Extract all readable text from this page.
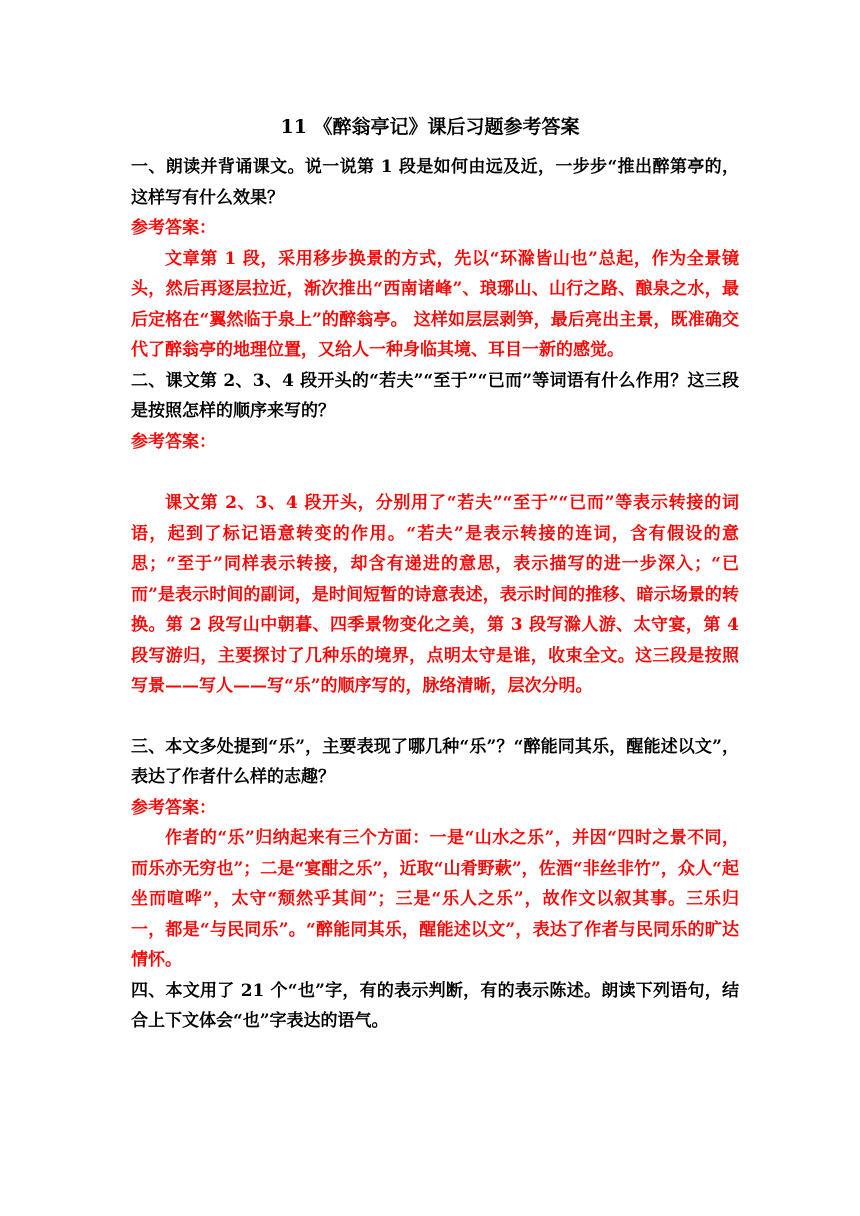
11 《醉翁亭记》课后习题参考答案

一、朗读并背诵课文。说一说第 1 段是如何由远及近，一步步“推出醉第亭的，这样写有什么效果？

参考答案：

文章第 1 段，采用移步换景的方式，先以“环滁皆山也”总起，作为全景镜头，然后再逐层拉近，渐次推出“西南诸峰”、琅琊山、山行之路、酿泉之水，最后定格在“翼然临于泉上”的醉翁亭。 这样如层层剥笋，最后亮出主景，既准确交代了醉翁亭的地理位置，又给人一种身临其境、耳目一新的感觉。

二、课文第 2、3、4 段开头的“若夫”“至于”“已而”等词语有什么作用？这三段是按照怎样的顺序来写的？

参考答案：

课文第 2、3、4 段开头，分别用了“若夫”“至于”“已而”等表示转接的词语，起到了标记语意转变的作用。“若夫”是表示转接的连词，含有假设的意思；“至于”同样表示转接，却含有递进的意思，表示描写的进一步深入；“已而”是表示时间的副词，是时间短暂的诗意表述，表示时间的推移、暗示场景的转换。第 2 段写山中朝暮、四季景物变化之美，第 3 段写滁人游、太守宴，第 4 段写游归，主要探讨了几种乐的境界，点明太守是谁，收束全文。这三段是按照写景——写人——写“乐”的顺序写的，脉络清晰，层次分明。

三、本文多处提到“乐”，主要表现了哪几种“乐”？“醉能同其乐，醒能述以文”，表达了作者什么样的志趣？

参考答案：

作者的“乐”归纳起来有三个方面：一是“山水之乐”，并因“四时之景不同，而乐亦无穷也”；二是“宴酣之乐”，近取“山肴野蔌”，佐酒“非丝非竹”，众人“起坐而喧哗”，太守“颓然乎其间”；三是“乐人之乐”，故作文以叙其事。三乐归一，都是“与民同乐”。“醉能同其乐，醒能述以文”，表达了作者与民同乐的旷达情怀。

四、本文用了 21 个“也”字，有的表示判断，有的表示陈述。朗读下列语句，结合上下文体会“也”字表达的语气。
